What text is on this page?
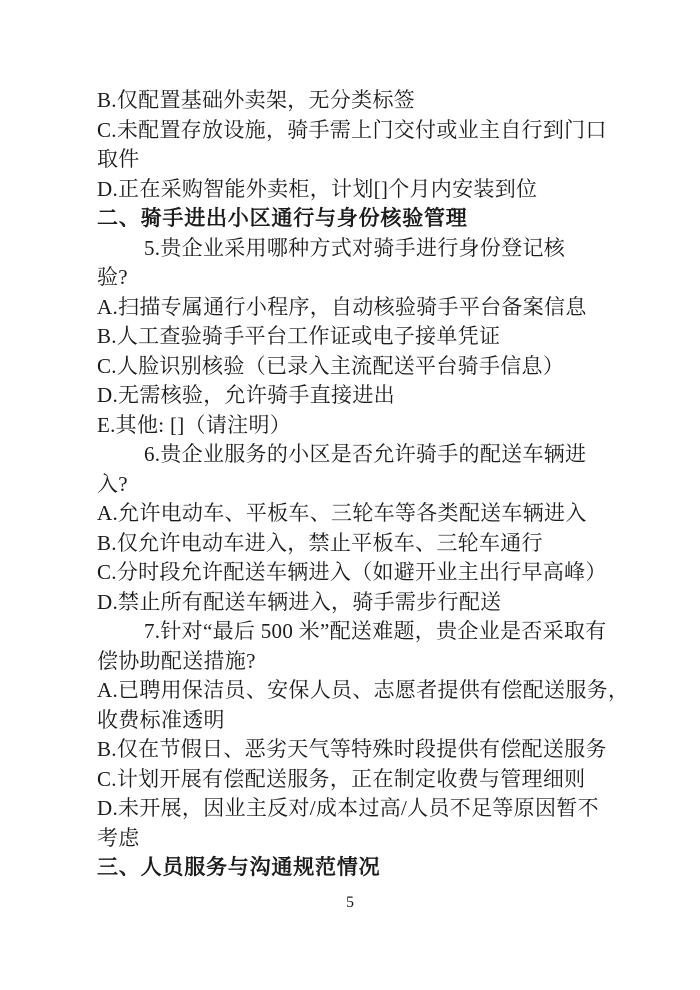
B.仅配置基础外卖架，无分类标签
C.未配置存放设施，骑手需上门交付或业主自行到门口
取件
D.正在采购智能外卖柜，计划[]个月内安装到位
二、骑手进出小区通行与身份核验管理
5.贵企业采用哪种方式对骑手进行身份登记核
验?
A.扫描专属通行小程序，自动核验骑手平台备案信息
B.人工查验骑手平台工作证或电子接单凭证
C.人脸识别核验（已录入主流配送平台骑手信息）
D.无需核验，允许骑手直接进出
E.其他: []（请注明）
6.贵企业服务的小区是否允许骑手的配送车辆进
入?
A.允许电动车、平板车、三轮车等各类配送车辆进入
B.仅允许电动车进入，禁止平板车、三轮车通行
C.分时段允许配送车辆进入（如避开业主出行早高峰）
D.禁止所有配送车辆进入，骑手需步行配送
7.针对“最后 500 米”配送难题，贵企业是否采取有
偿协助配送措施?
A.已聘用保洁员、安保人员、志愿者提供有偿配送服务，
收费标准透明
B.仅在节假日、恶劣天气等特殊时段提供有偿配送服务
C.计划开展有偿配送服务，正在制定收费与管理细则
D.未开展，因业主反对/成本过高/人员不足等原因暂不
考虑
三、人员服务与沟通规范情况
5
